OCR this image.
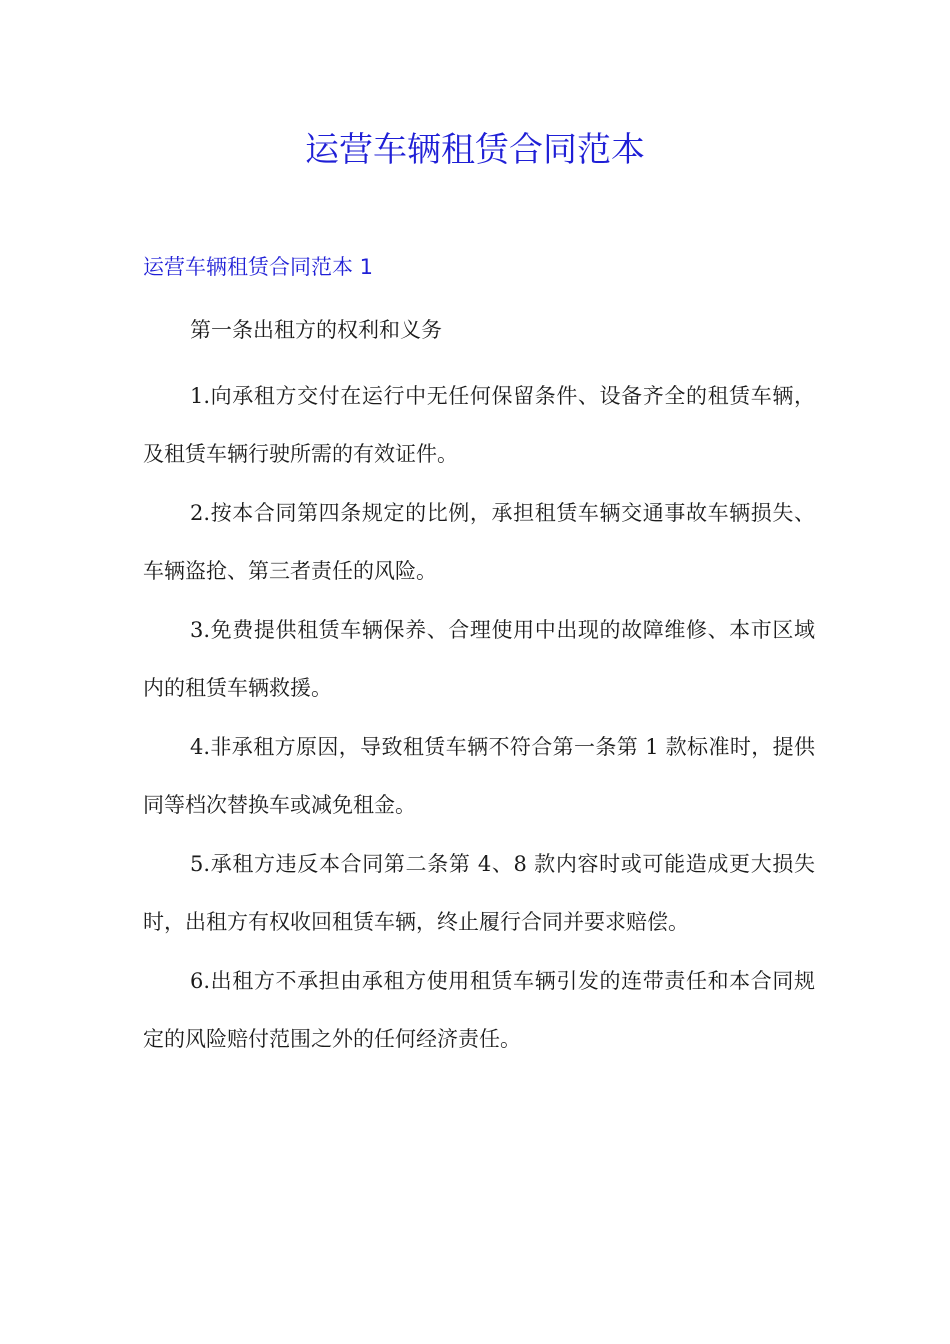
运营车辆租赁合同范本
运营车辆租赁合同范本 1

第一条出租方的权利和义务

1.向承租方交付在运行中无任何保留条件、设备齐全的租赁车辆，及租赁车辆行驶所需的有效证件。

2.按本合同第四条规定的比例，承担租赁车辆交通事故车辆损失、车辆盗抢、第三者责任的风险。

3.免费提供租赁车辆保养、合理使用中出现的故障维修、本市区域内的租赁车辆救援。

4.非承租方原因，导致租赁车辆不符合第一条第 1 款标准时，提供同等档次替换车或减免租金。

5.承租方违反本合同第二条第 4、8 款内容时或可能造成更大损失时，出租方有权收回租赁车辆，终止履行合同并要求赔偿。

6.出租方不承担由承租方使用租赁车辆引发的连带责任和本合同规定的风险赔付范围之外的任何经济责任。
